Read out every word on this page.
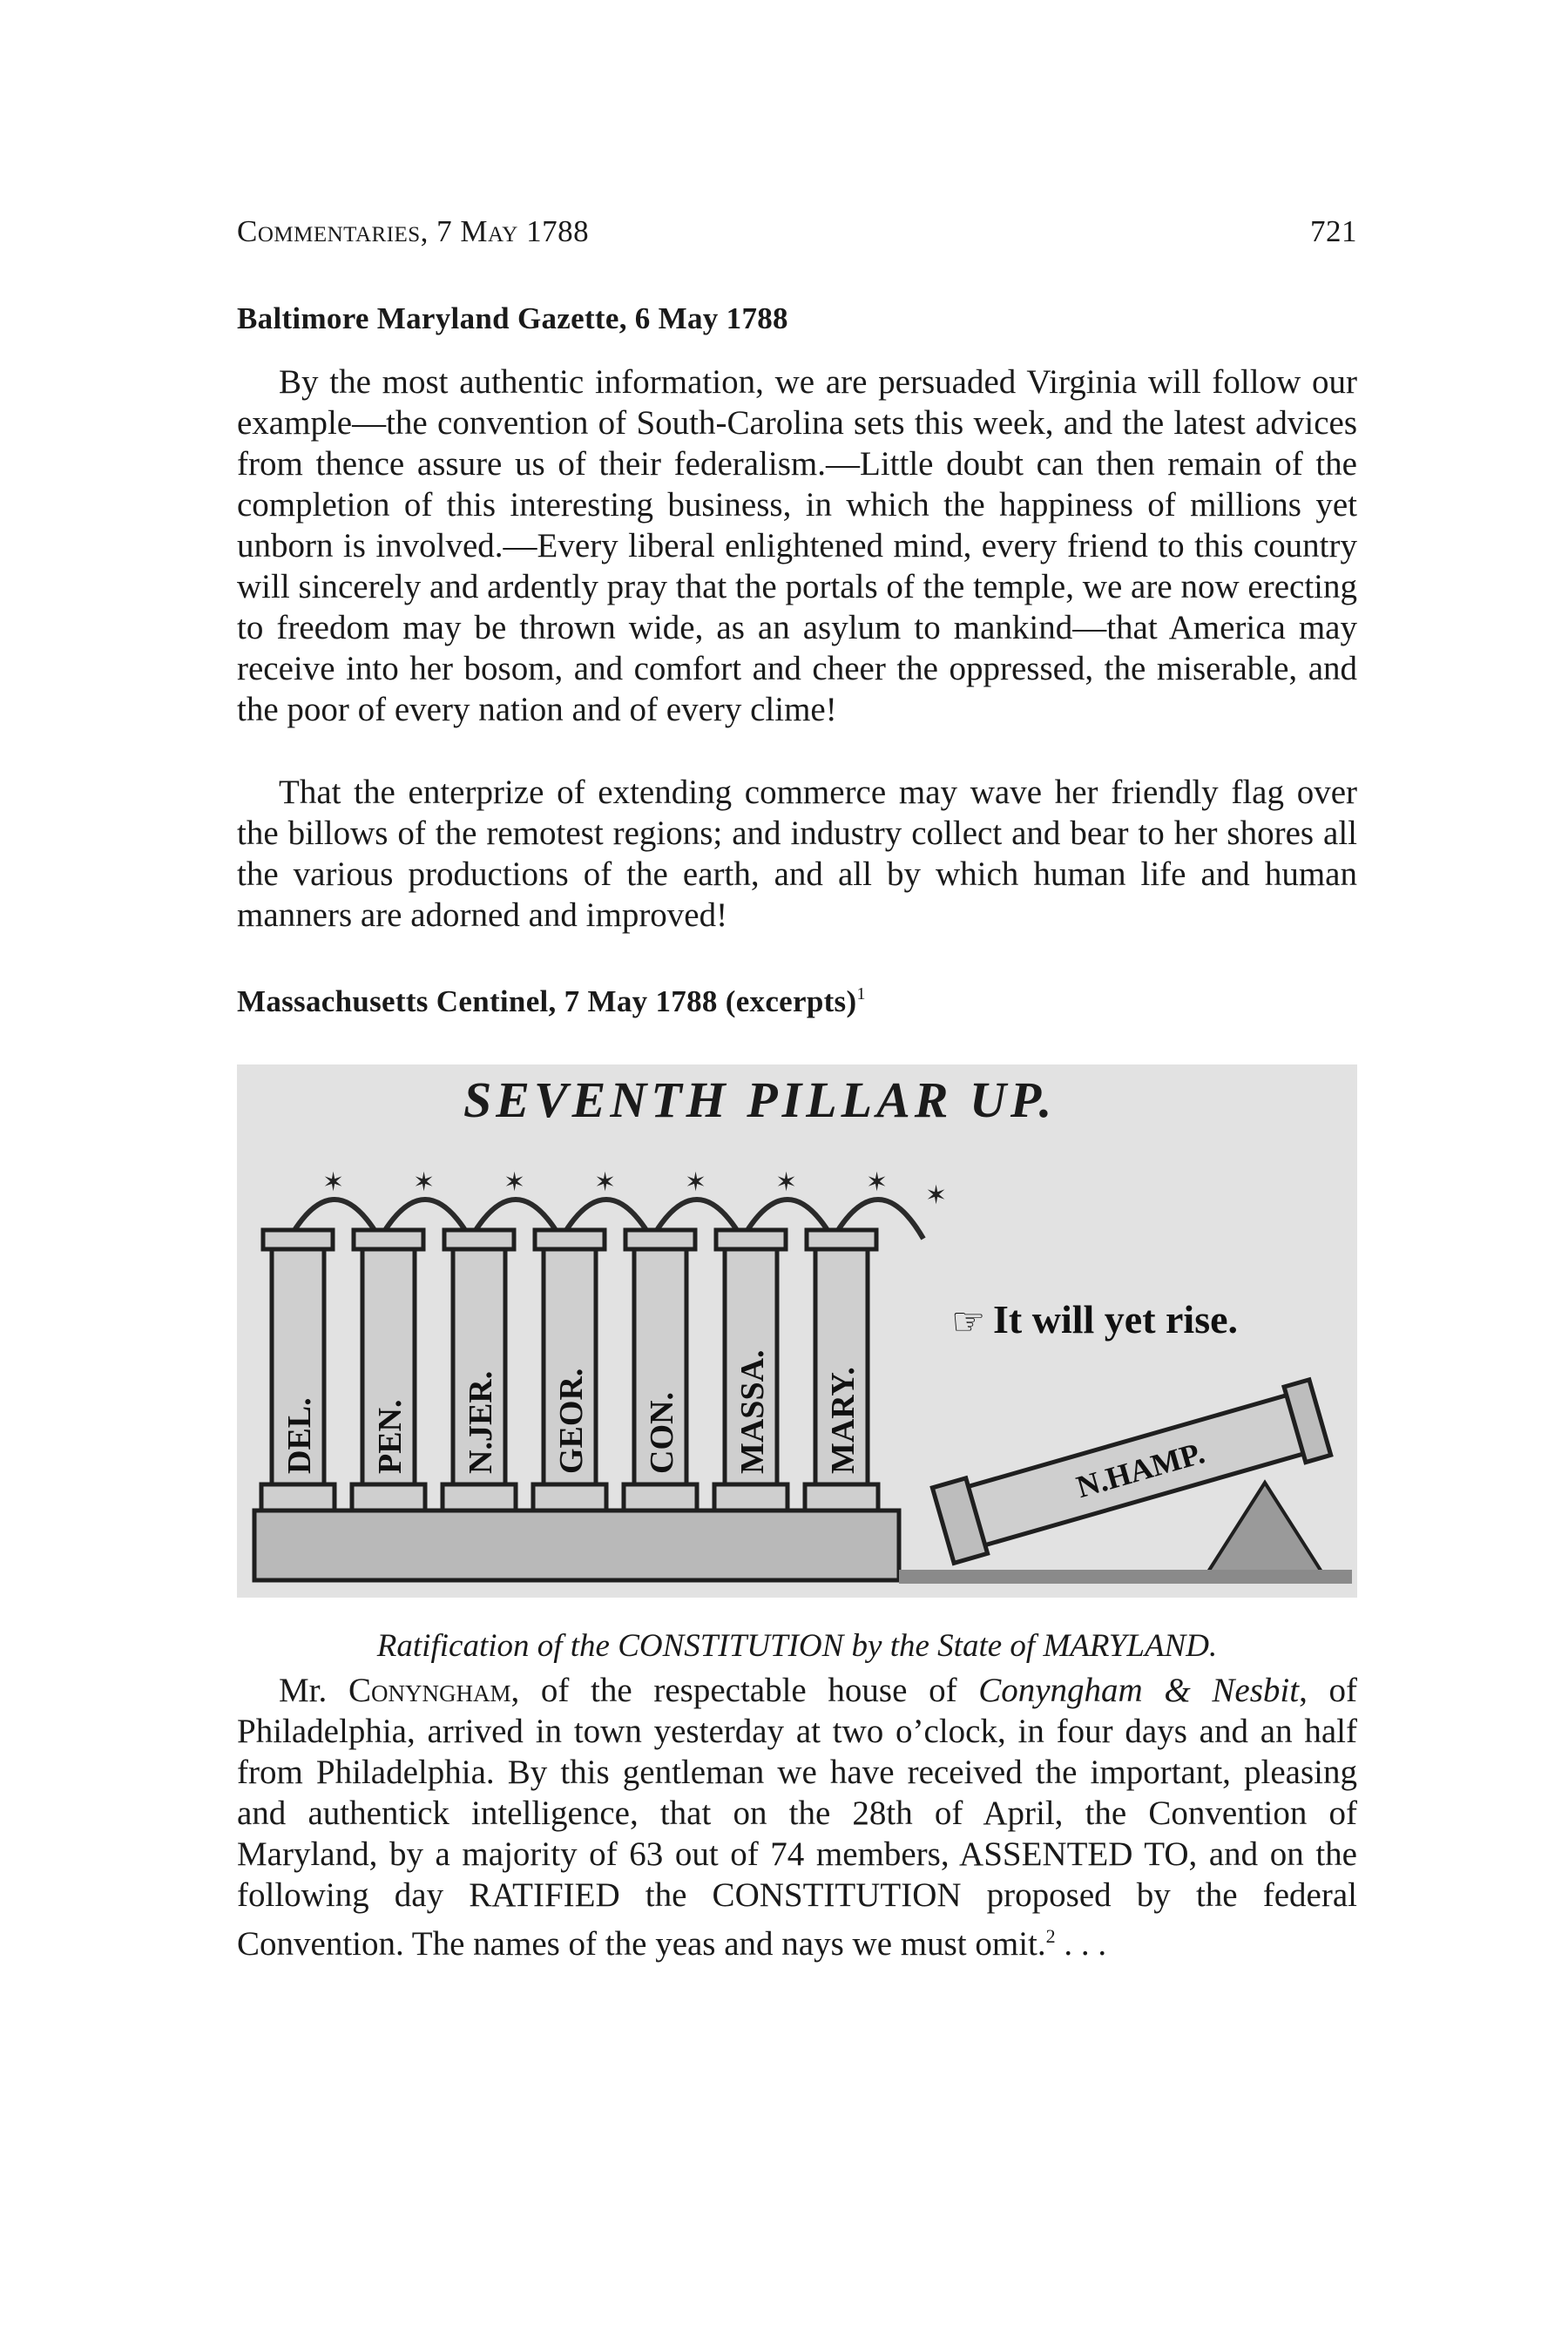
Commentaries, 7 May 1788	721
Baltimore Maryland Gazette, 6 May 1788

By the most authentic information, we are persuaded Virginia will follow our example—the convention of South-Carolina sets this week, and the latest advices from thence assure us of their federalism.—Little doubt can then remain of the completion of this interesting business, in which the happiness of millions yet unborn is involved.—Every liberal enlightened mind, every friend to this country will sincerely and ardently pray that the portals of the temple, we are now erecting to freedom may be thrown wide, as an asylum to mankind—that America may receive into her bosom, and comfort and cheer the oppressed, the miserable, and the poor of every nation and of every clime!

That the enterprize of extending commerce may wave her friendly flag over the billows of the remotest regions; and industry collect and bear to her shores all the various productions of the earth, and all by which human life and human manners are adorned and improved!

Massachusetts Centinel, 7 May 1788 (excerpts)$^1$
SEVENTH PILLAR UP.
✶	✶	✶	✶	✶	✶	✶ ✶
DEL. PEN. N.JER. GEOR. CON. MASSA. MARY.
☞ It will yet rise.
N.HAMP.
Ratification of the CONSTITUTION by the State of MARYLAND.

Mr. Conyngham, of the respectable house of Conyngham & Nesbit, of Philadelphia, arrived in town yesterday at two o’clock, in four days and an half from Philadelphia. By this gentleman we have received the important, pleasing and authentick intelligence, that on the 28th of April, the Convention of Maryland, by a majority of 63 out of 74 members, ASSENTED TO, and on the following day RATIFIED the CONSTITUTION proposed by the federal Convention. The names of the yeas and nays we must omit.$^2$ . . .
